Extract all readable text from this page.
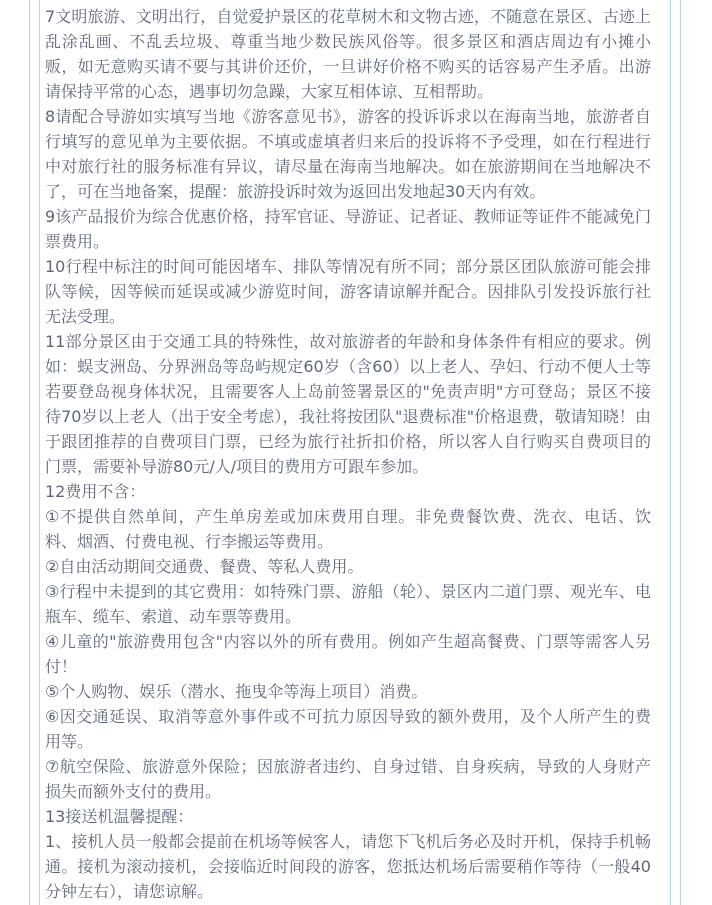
7文明旅游、文明出行，自觉爱护景区的花草树木和文物古迹，不随意在景区、古迹上乱涂乱画、不乱丢垃圾、尊重当地少数民族风俗等。很多景区和酒店周边有小摊小贩，如无意购买请不要与其讲价还价，一旦讲好价格不购买的话容易产生矛盾。出游请保持平常的心态，遇事切勿急躁，大家互相体谅、互相帮助。

8请配合导游如实填写当地《游客意见书》，游客的投诉诉求以在海南当地，旅游者自行填写的意见单为主要依据。不填或虚填者归来后的投诉将不予受理，如在行程进行中对旅行社的服务标准有异议，请尽量在海南当地解决。如在旅游期间在当地解决不了，可在当地备案，提醒：旅游投诉时效为返回出发地起30天内有效。

9该产品报价为综合优惠价格，持军官证、导游证、记者证、教师证等证件不能减免门票费用。

10行程中标注的时间可能因堵车、排队等情况有所不同；部分景区团队旅游可能会排队等候，因等候而延误或减少游览时间，游客请谅解并配合。因排队引发投诉旅行社无法受理。

11部分景区由于交通工具的特殊性，故对旅游者的年龄和身体条件有相应的要求。例如：蜈支洲岛、分界洲岛等岛屿规定60岁（含60）以上老人、孕妇、行动不便人士等若要登岛视身体状况，且需要客人上岛前签署景区的"免责声明"方可登岛；景区不接待70岁以上老人（出于安全考虑），我社将按团队"退费标准"价格退费，敬请知晓！由于跟团推荐的自费项目门票，已经为旅行社折扣价格，所以客人自行购买自费项目的门票，需要补导游80元/人/项目的费用方可跟车参加。

12费用不含：

①不提供自然单间，产生单房差或加床费用自理。非免费餐饮费、洗衣、电话、饮料、烟酒、付费电视、行李搬运等费用。

②自由活动期间交通费、餐费、等私人费用。

③行程中未提到的其它费用：如特殊门票、游船（轮）、景区内二道门票、观光车、电瓶车、缆车、索道、动车票等费用。

④儿童的"旅游费用包含"内容以外的所有费用。例如产生超高餐费、门票等需客人另付！

⑤个人购物、娱乐（潜水、拖曳伞等海上项目）消费。

⑥因交通延误、取消等意外事件或不可抗力原因导致的额外费用，及个人所产生的费用等。

⑦航空保险、旅游意外保险；因旅游者违约、自身过错、自身疾病，导致的人身财产损失而额外支付的费用。

13接送机温馨提醒：

1、接机人员一般都会提前在机场等候客人，请您下飞机后务必及时开机，保持手机畅通。接机为滚动接机，会接临近时间段的游客，您抵达机场后需要稍作等待（一般40分钟左右），请您谅解。
